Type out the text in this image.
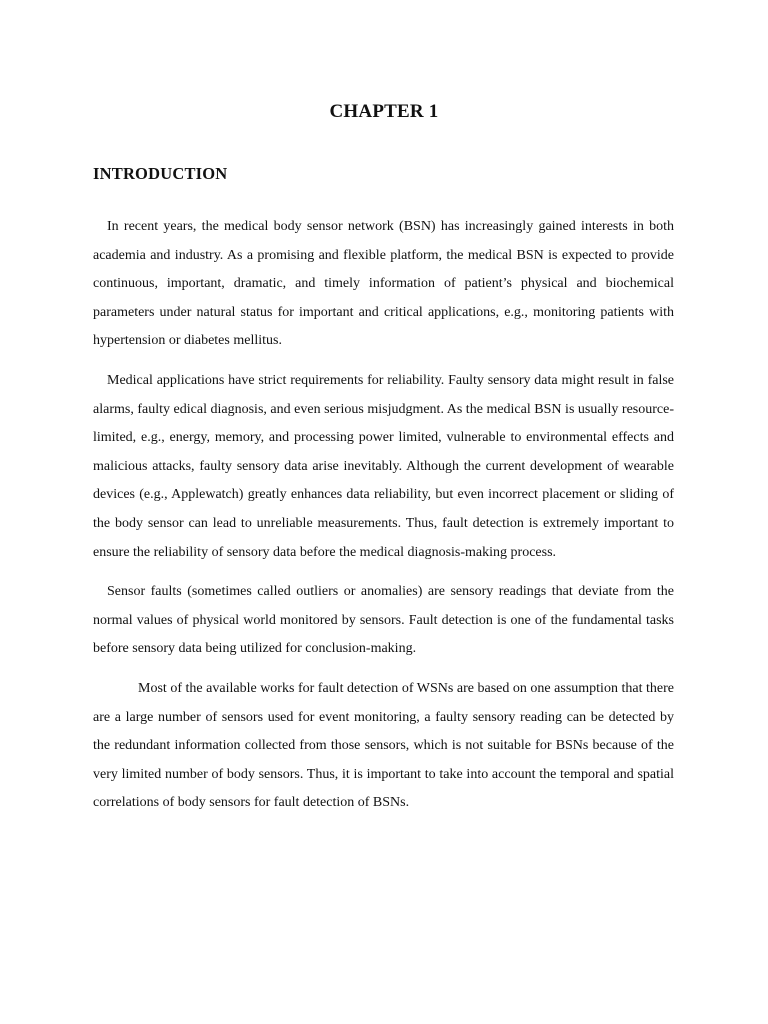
CHAPTER 1
INTRODUCTION

In recent years, the medical body sensor network (BSN) has increasingly gained interests in both academia and industry. As a promising and flexible platform, the medical BSN is expected to provide continuous, important, dramatic, and timely information of patient’s physical and biochemical parameters under natural status for important and critical applications, e.g., monitoring patients with hypertension or diabetes mellitus.

Medical applications have strict requirements for reliability. Faulty sensory data might result in false alarms, faulty edical diagnosis, and even serious misjudgment. As the medical BSN is usually resource-limited, e.g., energy, memory, and processing power limited, vulnerable to environmental effects and malicious attacks, faulty sensory data arise inevitably. Although the current development of wearable devices (e.g., Applewatch) greatly enhances data reliability, but even incorrect placement or sliding of the body sensor can lead to unreliable measurements. Thus, fault detection is extremely important to ensure the reliability of sensory data before the medical diagnosis-making process.

Sensor faults (sometimes called outliers or anomalies) are sensory readings that deviate from the normal values of physical world monitored by sensors. Fault detection is one of the fundamental tasks before sensory data being utilized for conclusion-making.

Most of the available works for fault detection of WSNs are based on one assumption that there are a large number of sensors used for event monitoring, a faulty sensory reading can be detected by the redundant information collected from those sensors, which is not suitable for BSNs because of the very limited number of body sensors. Thus, it is important to take into account the temporal and spatial correlations of body sensors for fault detection of BSNs.
